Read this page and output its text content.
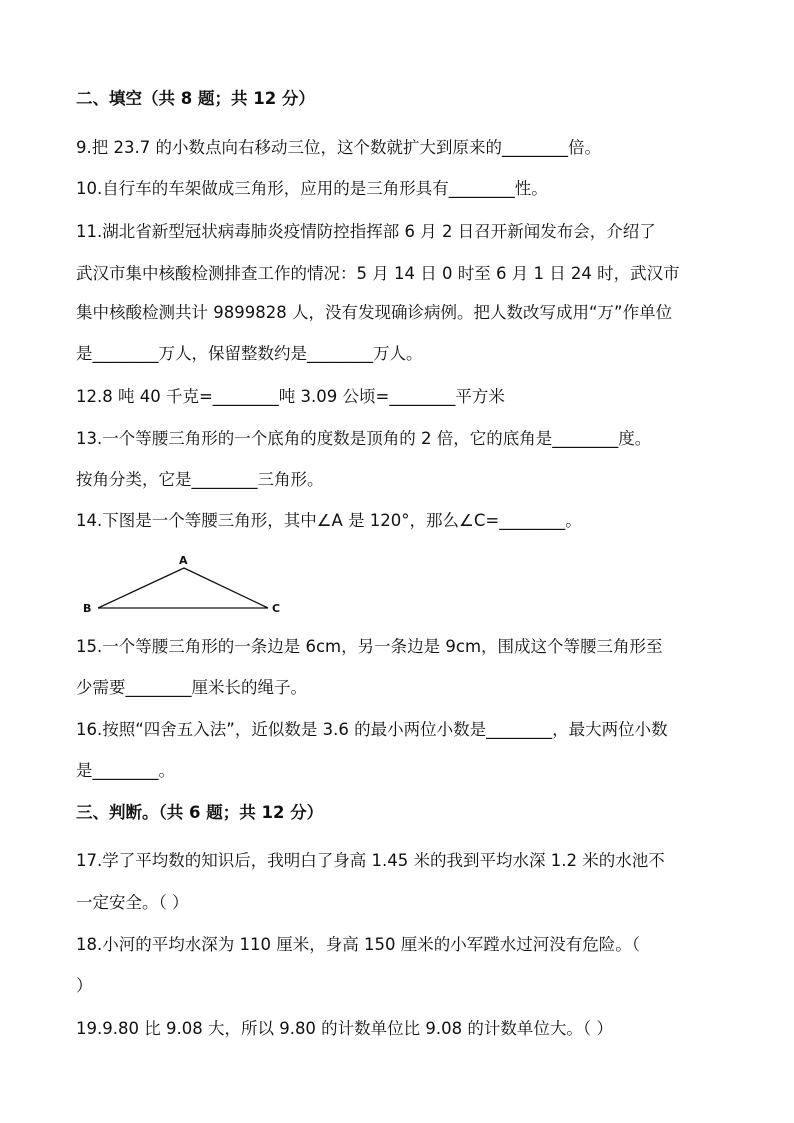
二、填空（共 8 题；共 12 分）
9.把 23.7 的小数点向右移动三位，这个数就扩大到原来的________倍。
10.自行车的车架做成三角形，应用的是三角形具有________性。
11.湖北省新型冠状病毒肺炎疫情防控指挥部 6 月 2 日召开新闻发布会，介绍了
武汉市集中核酸检测排查工作的情况：5 月 14 日 0 时至 6 月 1 日 24 时，武汉市
集中核酸检测共计 9899828 人，没有发现确诊病例。把人数改写成用“万”作单位
是________万人，保留整数约是________万人。
12.8 吨 40 千克=________吨 3.09 公顷=________平方米
13.一个等腰三角形的一个底角的度数是顶角的 2 倍，它的底角是________度。
按角分类，它是________三角形。
14.下图是一个等腰三角形，其中∠A 是 120°，那么∠C=________。
A
B	C
15.一个等腰三角形的一条边是 6cm，另一条边是 9cm，围成这个等腰三角形至
少需要________厘米长的绳子。
16.按照“四舍五入法”，近似数是 3.6 的最小两位小数是________，最大两位小数
是________。
三、判断。（共 6 题；共 12 分）
17.学了平均数的知识后，我明白了身高 1.45 米的我到平均水深 1.2 米的水池不
一定安全。（ ）
18.小河的平均水深为 110 厘米，身高 150 厘米的小军蹚水过河没有危险。（
）
19.9.80 比 9.08 大，所以 9.80 的计数单位比 9.08 的计数单位大。（ ）
